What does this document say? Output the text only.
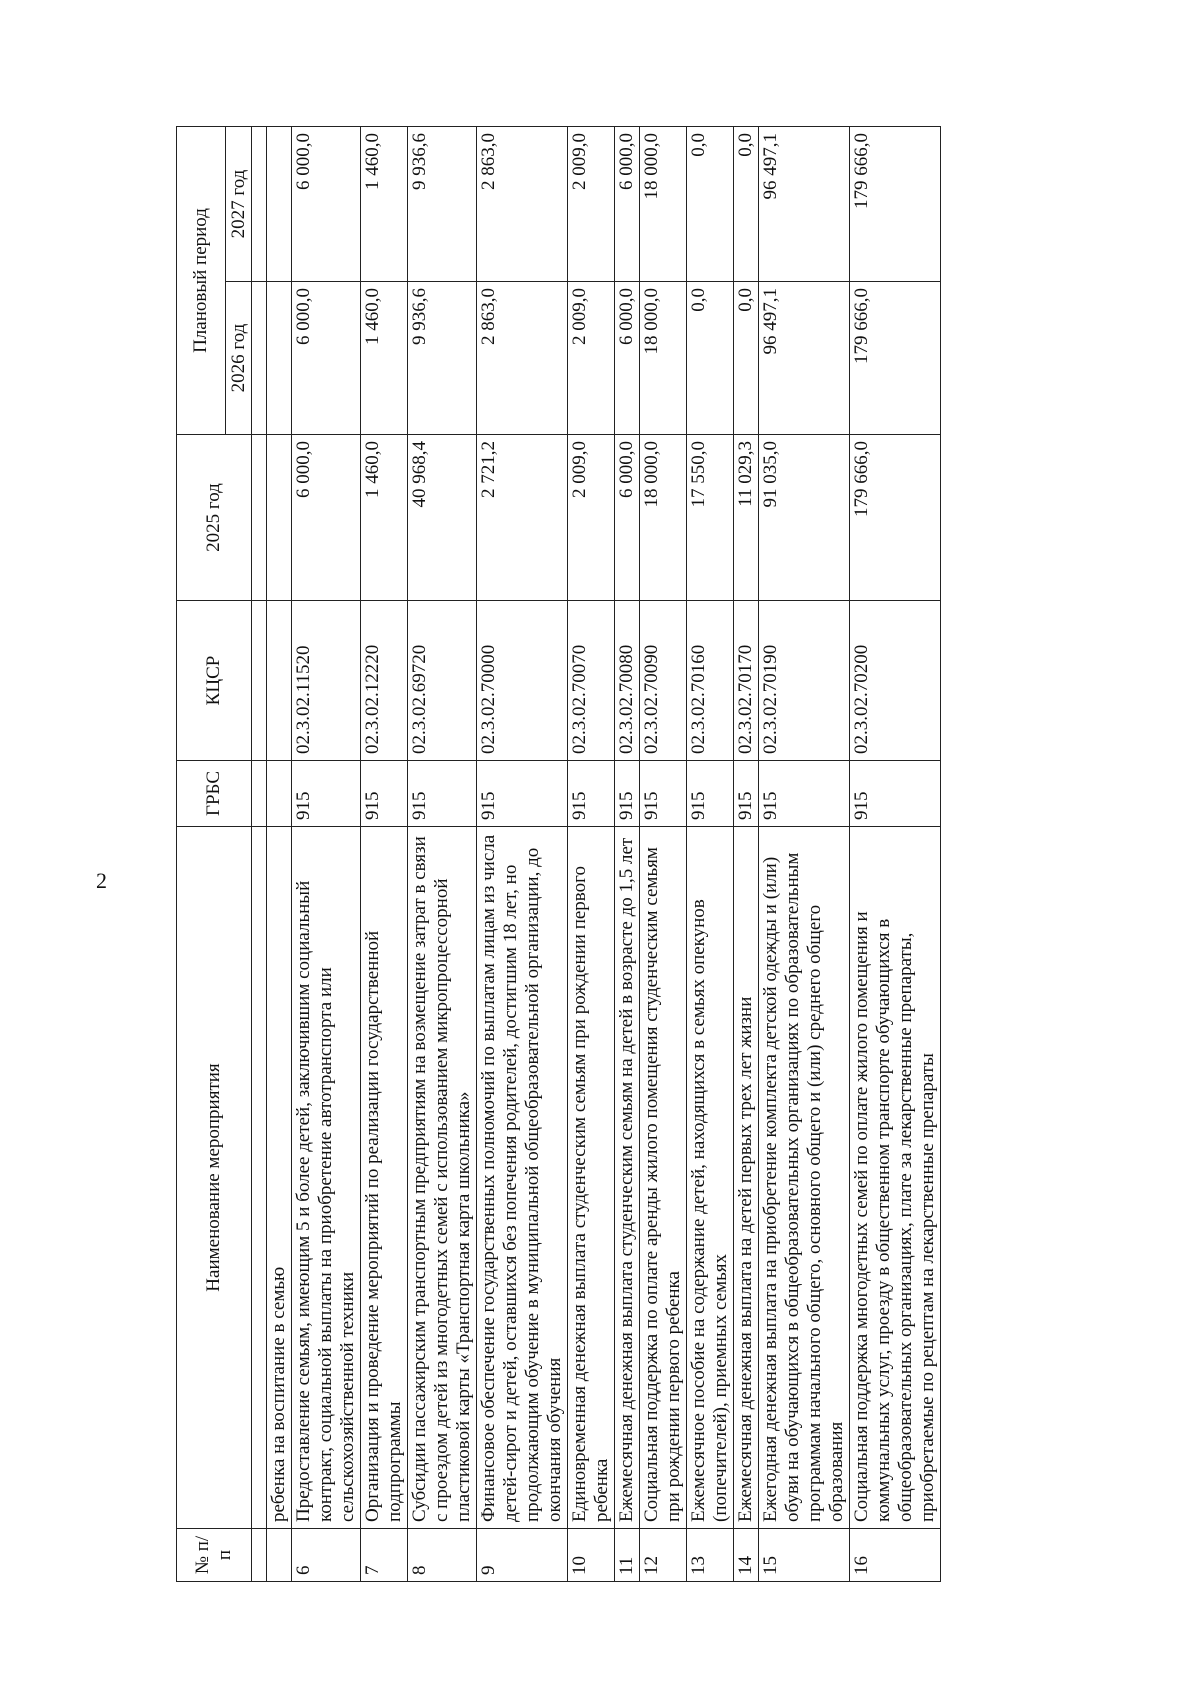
2
№ п/п	Наименование мероприятия	ГРБС	КЦСР	2025 год	Плановый период	
					2026 год	2027 год

	ребенка на воспитание в семью					
6	Предоставление семьям, имеющим 5 и более детей, заключившим социальный контракт, социальной выплаты на приобретение автотранспорта или сельскохозяйственной техники	915	02.3.02.11520	6 000,0	6 000,0	6 000,0
7	Организация и проведение мероприятий по реализации государственной подпрограммы	915	02.3.02.12220	1 460,0	1 460,0	1 460,0
8	Субсидии пассажирским транспортным предприятиям на возмещение затрат в связи с проездом детей из многодетных семей с использованием микропроцессорной пластиковой карты «Транспортная карта школьника»	915	02.3.02.69720	40 968,4	9 936,6	9 936,6
9	Финансовое обеспечение государственных полномочий по выплатам лицам из числа детей-сирот и детей, оставшихся без попечения родителей, достигшим 18 лет, но продолжающим обучение в муниципальной общеобразовательной организации, до окончания обучения	915	02.3.02.70000	2 721,2	2 863,0	2 863,0
10	Единовременная денежная выплата студенческим семьям при рождении первого ребенка	915	02.3.02.70070	2 009,0	2 009,0	2 009,0
11	Ежемесячная денежная выплата студенческим семьям на детей в возрасте до 1,5 лет	915	02.3.02.70080	6 000,0	6 000,0	6 000,0
12	Социальная поддержка по оплате аренды жилого помещения студенческим семьям при рождении первого ребенка	915	02.3.02.70090	18 000,0	18 000,0	18 000,0
13	Ежемесячное пособие на содержание детей, находящихся в семьях опекунов (попечителей), приемных семьях	915	02.3.02.70160	17 550,0	0,0	0,0
14	Ежемесячная денежная выплата на детей первых трех лет жизни	915	02.3.02.70170	11 029,3	0,0	0,0
15	Ежегодная денежная выплата на приобретение комплекта детской одежды и (или) обуви на обучающихся в общеобразовательных организациях по образовательным программам начального общего, основного общего и (или) среднего общего образования	915	02.3.02.70190	91 035,0	96 497,1	96 497,1
16	Социальная поддержка многодетных семей по оплате жилого помещения и коммунальных услуг, проезду в общественном транспорте обучающихся в общеобразовательных организациях, плате за лекарственные препараты, приобретаемые по рецептам на лекарственные препараты	915	02.3.02.70200	179 666,0	179 666,0	179 666,0
